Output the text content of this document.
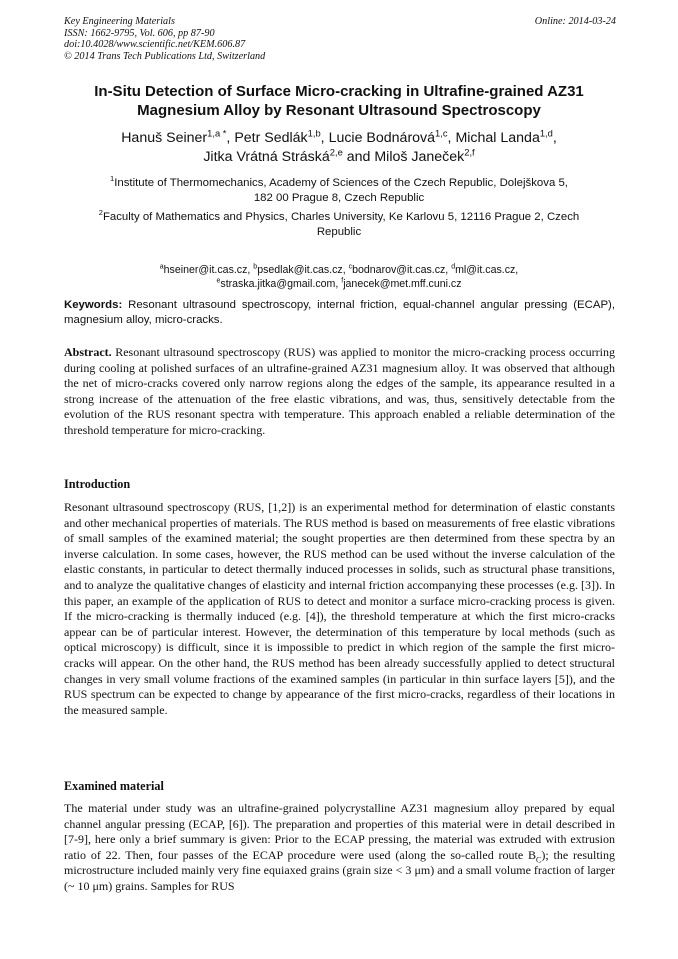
Key Engineering Materials
ISSN: 1662-9795, Vol. 606, pp 87-90
doi:10.4028/www.scientific.net/KEM.606.87
© 2014 Trans Tech Publications Ltd, Switzerland
Online: 2014-03-24
In-Situ Detection of Surface Micro-cracking in Ultrafine-grained AZ31
Magnesium Alloy by Resonant Ultrasound Spectroscopy
Hanuš Seiner$^{1,a *}$, Petr Sedlák$^{1,b}$, Lucie Bodnárová$^{1,c}$, Michal Landa$^{1,d}$,
Jitka Vrátná Stráská$^{2,e}$ and Miloš Janeček$^{2,f}$
$^1$Institute of Thermomechanics, Academy of Sciences of the Czech Republic, Dolejškova 5,
182 00 Prague 8, Czech Republic
$^2$Faculty of Mathematics and Physics, Charles University, Ke Karlovu 5, 12116 Prague 2, Czech
Republic

$^a$hseiner@it.cas.cz, $^b$psedlak@it.cas.cz, $^c$bodnarov@it.cas.cz, $^d$ml@it.cas.cz,
$^e$straska.jitka@gmail.com, $^f$janecek@met.mff.cuni.cz
Keywords: Resonant ultrasound spectroscopy, internal friction, equal-channel angular pressing (ECAP), magnesium alloy, micro-cracks.
Abstract. Resonant ultrasound spectroscopy (RUS) was applied to monitor the micro-cracking process occurring during cooling at polished surfaces of an ultrafine-grained AZ31 magnesium alloy. It was observed that although the net of micro-cracks covered only narrow regions along the edges of the sample, its appearance resulted in a strong increase of the attenuation of the free elastic vibrations, and was, thus, sensitively detectable from the evolution of the RUS resonant spectra with temperature. This approach enabled a reliable determination of the threshold temperature for micro-cracking.
Introduction
Resonant ultrasound spectroscopy (RUS, [1,2]) is an experimental method for determination of elastic constants and other mechanical properties of materials. The RUS method is based on measurements of free elastic vibrations of small samples of the examined material; the sought properties are then determined from these spectra by an inverse calculation. In some cases, however, the RUS method can be used without the inverse calculation of the elastic constants, in particular to detect thermally induced processes in solids, such as structural phase transitions, and to analyze the qualitative changes of elasticity and internal friction accompanying these processes (e.g. [3]). In this paper, an example of the application of RUS to detect and monitor a surface micro-cracking process is given. If the micro-cracking is thermally induced (e.g. [4]), the threshold temperature at which the first micro-cracks appear can be of particular interest. However, the determination of this temperature by local methods (such as optical microscopy) is difficult, since it is impossible to predict in which region of the sample the first micro-cracks will appear. On the other hand, the RUS method has been already successfully applied to detect structural changes in very small volume fractions of the examined samples (in particular in thin surface layers [5]), and the RUS spectrum can be expected to change by appearance of the first micro-cracks, regardless of their locations in the measured sample.
Examined material
The material under study was an ultrafine-grained polycrystalline AZ31 magnesium alloy prepared by equal channel angular pressing (ECAP, [6]). The preparation and properties of this material were in detail described in [7-9], here only a brief summary is given: Prior to the ECAP pressing, the material was extruded with extrusion ratio of 22. Then, four passes of the ECAP procedure were used (along the so-called route $B_C$); the resulting microstructure included mainly very fine equiaxed grains (grain size < 3 μm) and a small volume fraction of larger (~ 10 μm) grains. Samples for RUS
